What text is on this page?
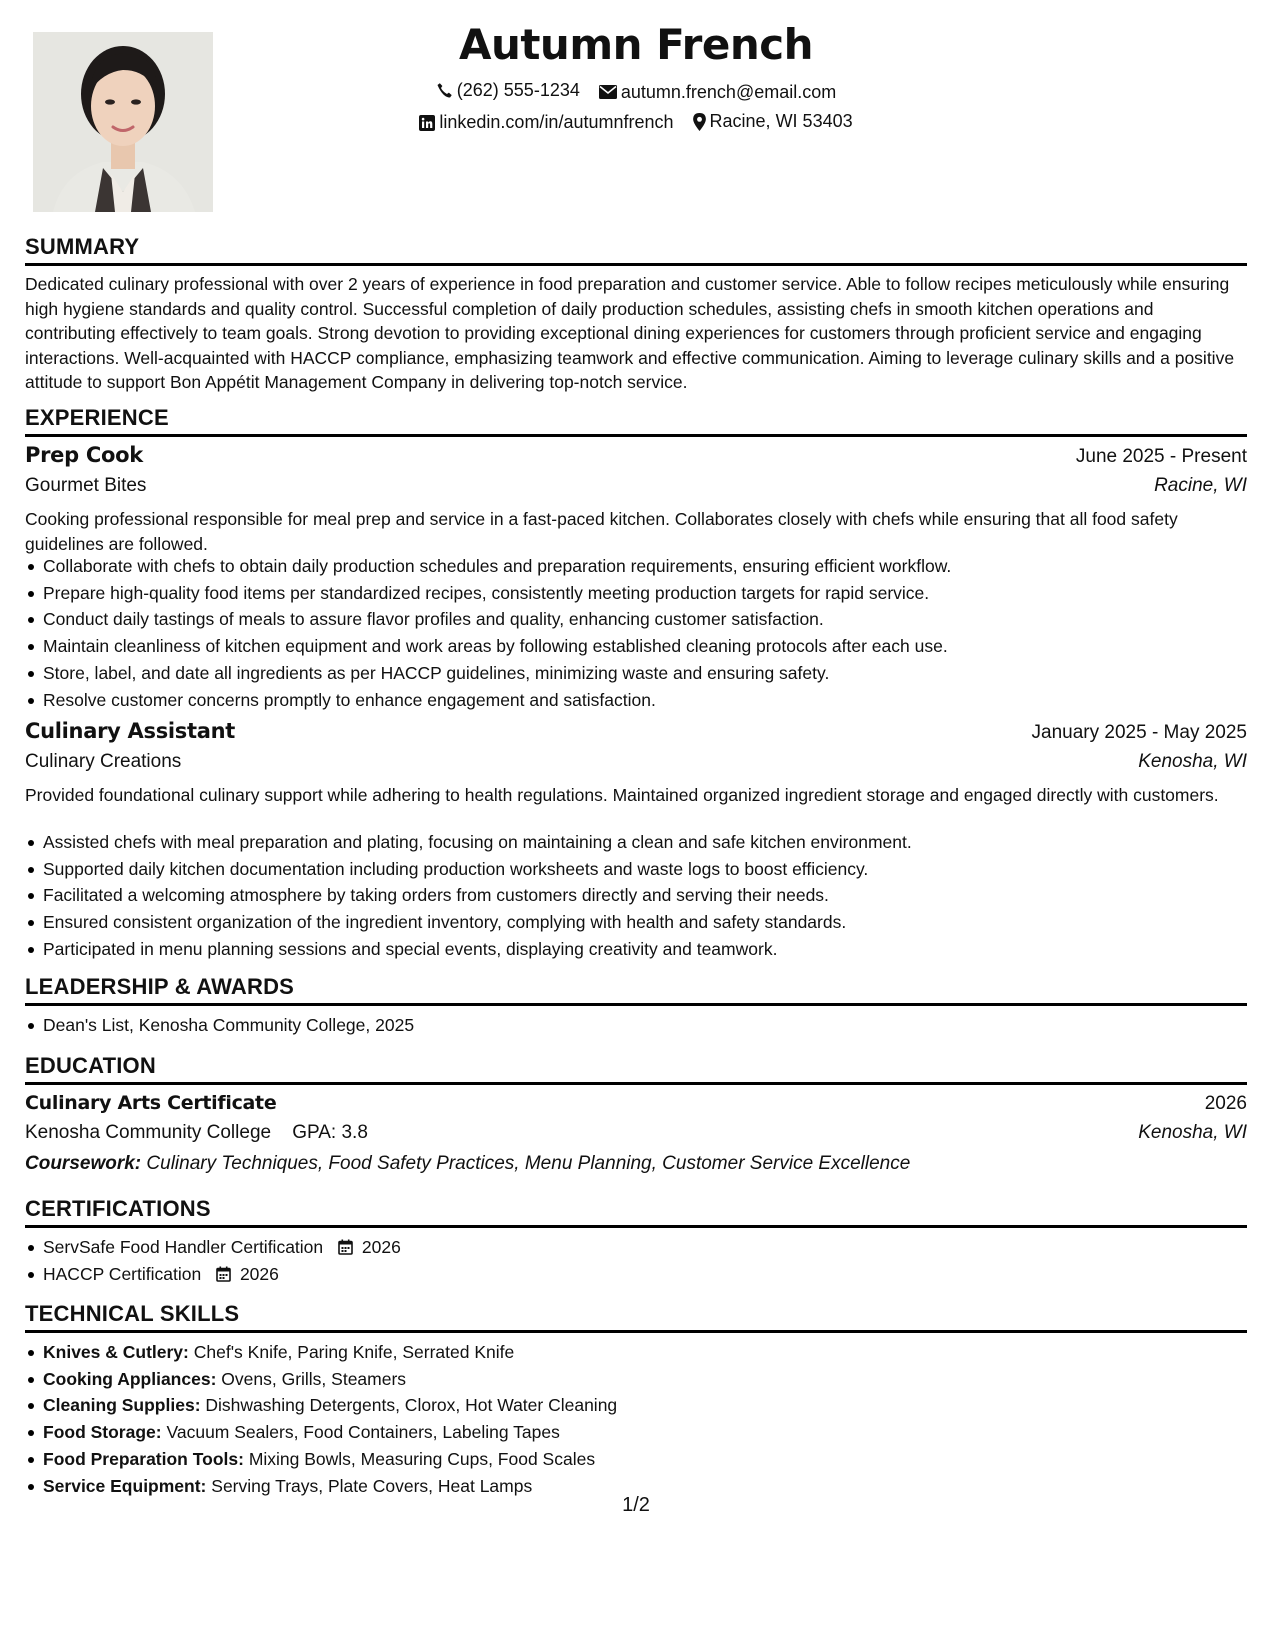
Autumn French
(262) 555-1234
autumn.french@email.com
linkedin.com/in/autumnfrench
Racine, WI 53403
SUMMARY
Dedicated culinary professional with over 2 years of experience in food preparation and customer service. Able to follow recipes meticulously while ensuring high hygiene standards and quality control. Successful completion of daily production schedules, assisting chefs in smooth kitchen operations and contributing effectively to team goals. Strong devotion to providing exceptional dining experiences for customers through proficient service and engaging interactions. Well-acquainted with HACCP compliance, emphasizing teamwork and effective communication. Aiming to leverage culinary skills and a positive attitude to support Bon Appétit Management Company in delivering top-notch service.
EXPERIENCE
Prep Cook	June 2025 - Present
Gourmet Bites	Racine, WI
Cooking professional responsible for meal prep and service in a fast-paced kitchen. Collaborates closely with chefs while ensuring that all food safety guidelines are followed.
Collaborate with chefs to obtain daily production schedules and preparation requirements, ensuring efficient workflow.
Prepare high-quality food items per standardized recipes, consistently meeting production targets for rapid service.
Conduct daily tastings of meals to assure flavor profiles and quality, enhancing customer satisfaction.
Maintain cleanliness of kitchen equipment and work areas by following established cleaning protocols after each use.
Store, label, and date all ingredients as per HACCP guidelines, minimizing waste and ensuring safety.
Resolve customer concerns promptly to enhance engagement and satisfaction.
Culinary Assistant	January 2025 - May 2025
Culinary Creations	Kenosha, WI
Provided foundational culinary support while adhering to health regulations. Maintained organized ingredient storage and engaged directly with customers.
Assisted chefs with meal preparation and plating, focusing on maintaining a clean and safe kitchen environment.
Supported daily kitchen documentation including production worksheets and waste logs to boost efficiency.
Facilitated a welcoming atmosphere by taking orders from customers directly and serving their needs.
Ensured consistent organization of the ingredient inventory, complying with health and safety standards.
Participated in menu planning sessions and special events, displaying creativity and teamwork.
LEADERSHIP & AWARDS
Dean's List, Kenosha Community College, 2025
EDUCATION
Culinary Arts Certificate	2026
Kenosha Community College GPA: 3.8	Kenosha, WI
Coursework: Culinary Techniques, Food Safety Practices, Menu Planning, Customer Service Excellence
CERTIFICATIONS
ServSafe Food Handler Certification 2026
HACCP Certification 2026
TECHNICAL SKILLS
Knives & Cutlery: Chef's Knife, Paring Knife, Serrated Knife
Cooking Appliances: Ovens, Grills, Steamers
Cleaning Supplies: Dishwashing Detergents, Clorox, Hot Water Cleaning
Food Storage: Vacuum Sealers, Food Containers, Labeling Tapes
Food Preparation Tools: Mixing Bowls, Measuring Cups, Food Scales
Service Equipment: Serving Trays, Plate Covers, Heat Lamps
1/2
